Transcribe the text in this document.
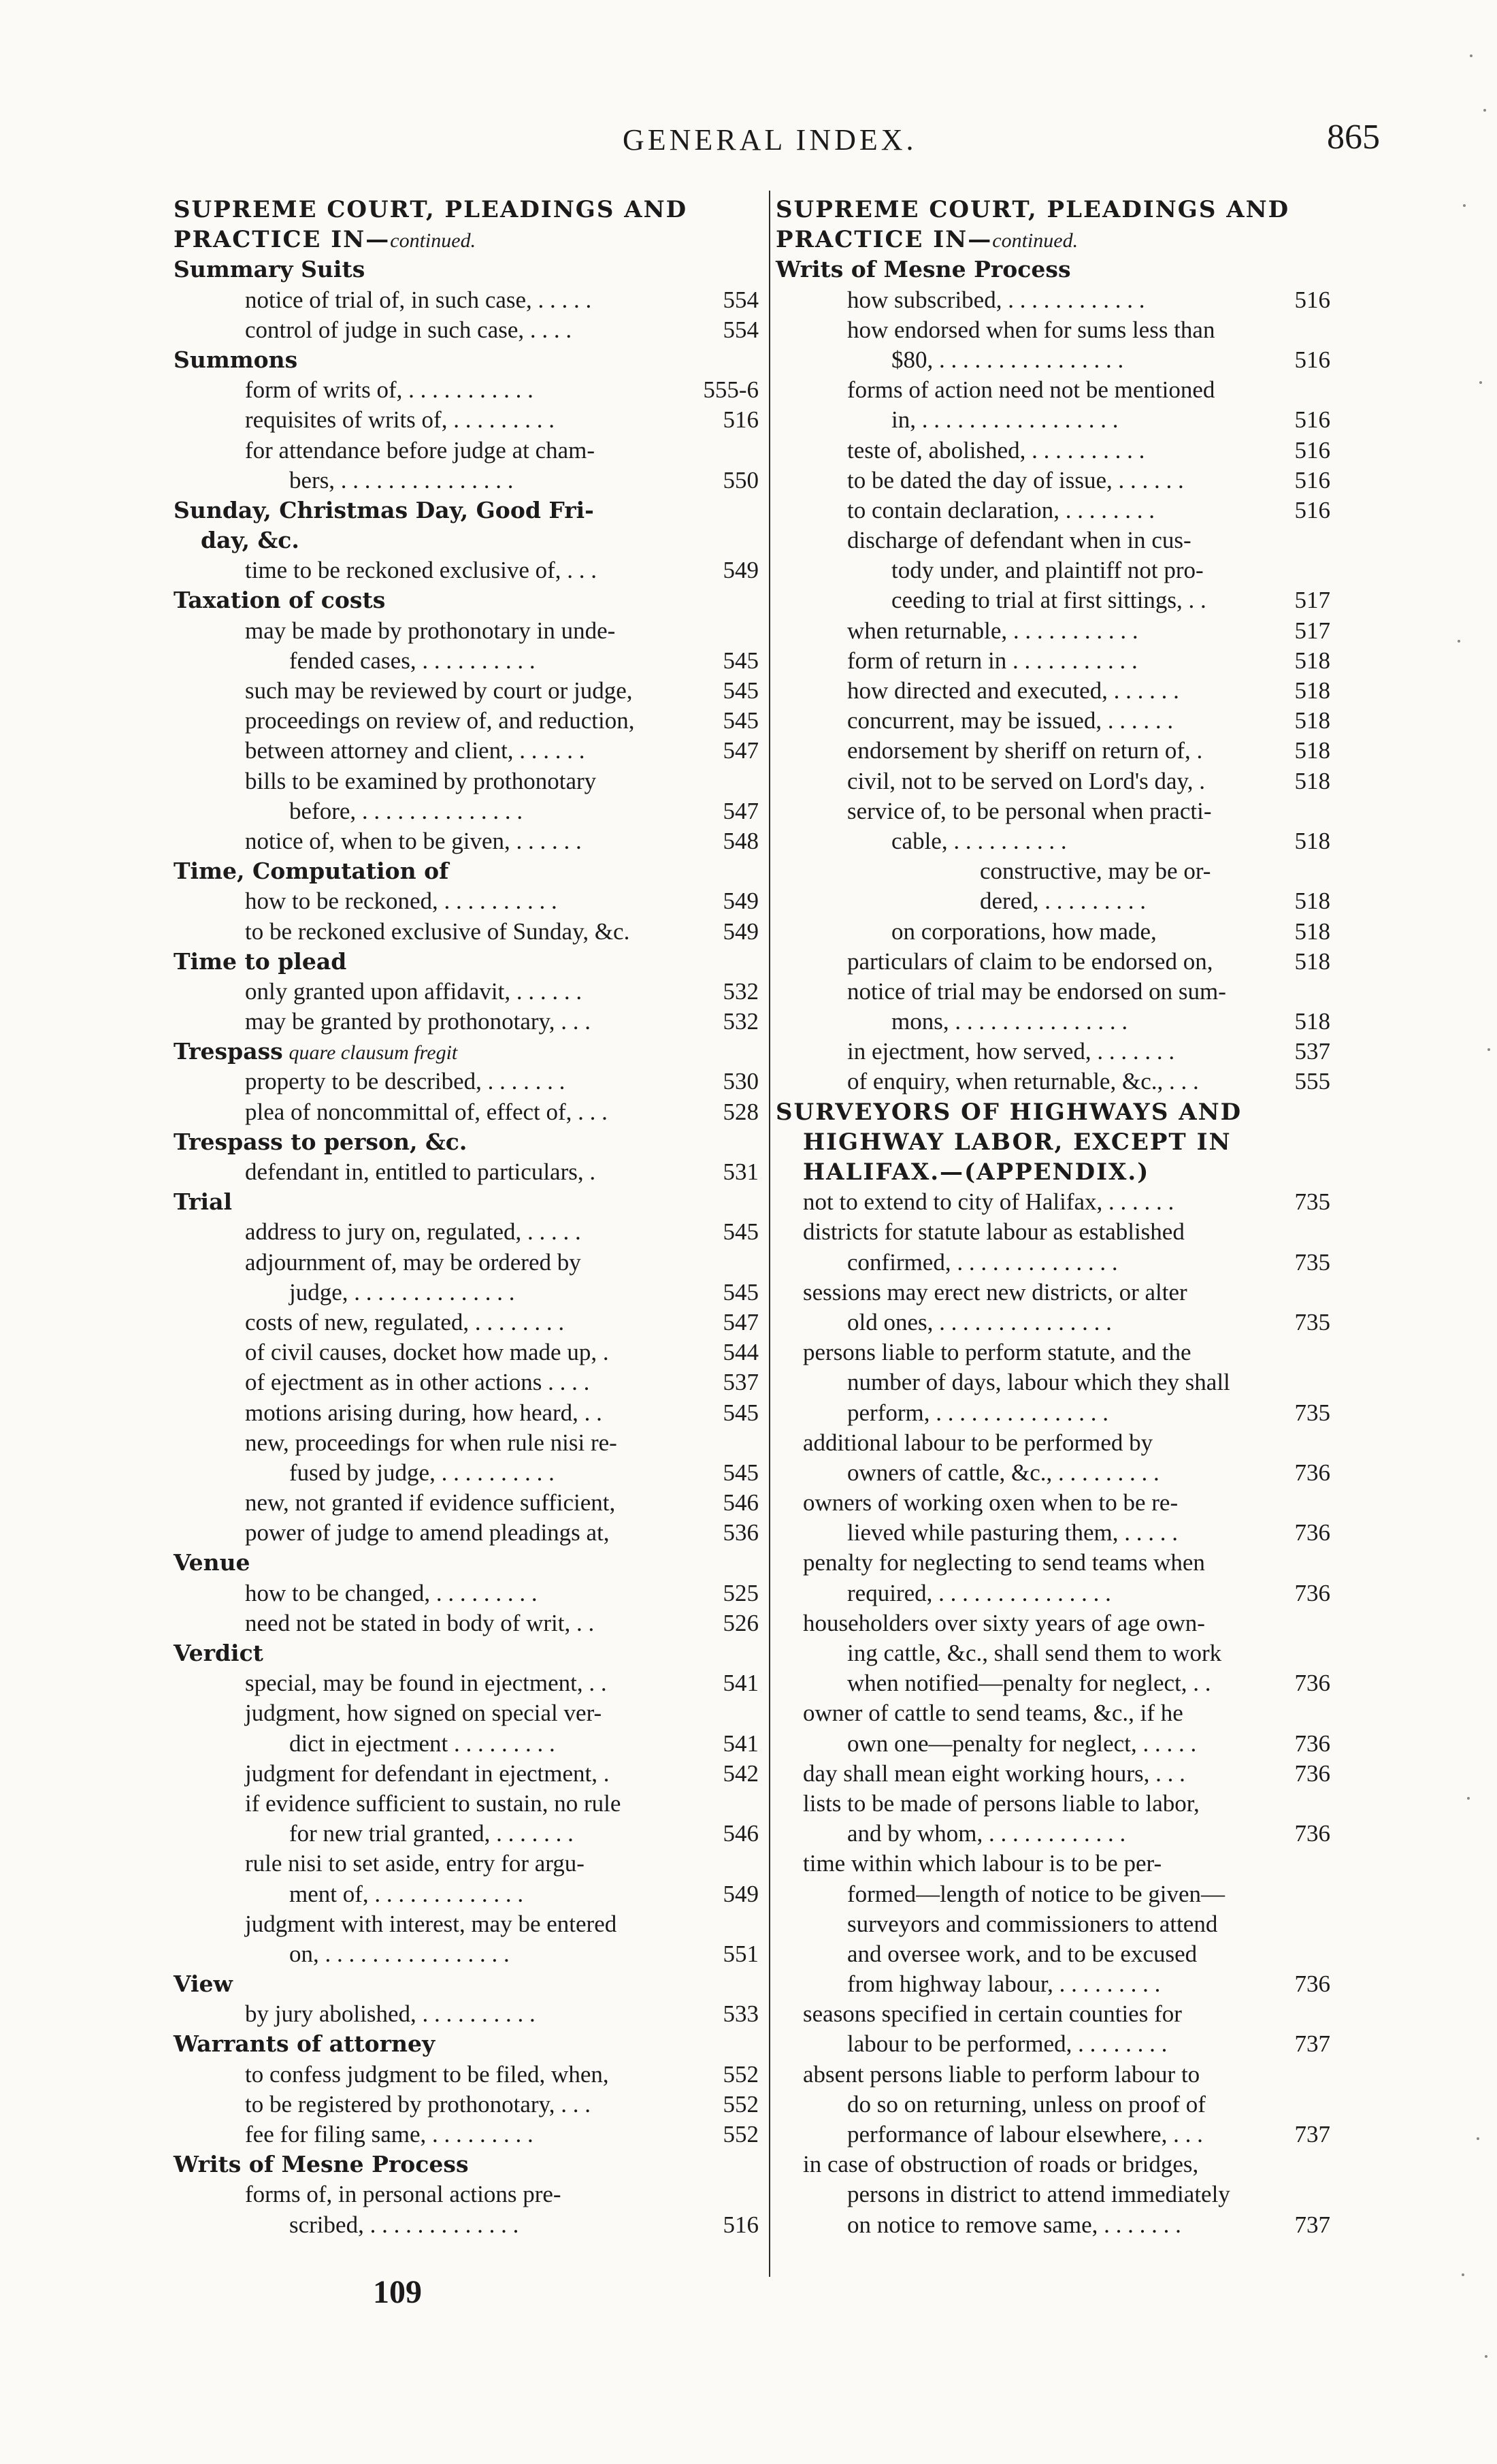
GENERAL INDEX.	865
SUPREME COURT, PLEADINGS AND
PRACTICE IN—continued.
Summary Suits
notice of trial of, in such case, . . . . .	554
control of judge in such case, . . . .	554
Summons
form of writs of, . . . . . . . . . . .	555-6
requisites of writs of, . . . . . . . . .	516
for attendance before judge at cham-
bers, . . . . . . . . . . . . . . .	550
Sunday, Christmas Day, Good Fri-
day, &c.
time to be reckoned exclusive of, . . .	549
Taxation of costs
may be made by prothonotary in unde-
fended cases, . . . . . . . . . .	545
such may be reviewed by court or judge,	545
proceedings on review of, and reduction,	545
between attorney and client, . . . . . .	547
bills to be examined by prothonotary
before, . . . . . . . . . . . . . .	547
notice of, when to be given, . . . . . .	548
Time, Computation of
how to be reckoned, . . . . . . . . . .	549
to be reckoned exclusive of Sunday, &c.	549
Time to plead
only granted upon affidavit, . . . . . .	532
may be granted by prothonotary, . . .	532
Trespass quare clausum fregit
property to be described, . . . . . . .	530
plea of noncommittal of, effect of, . . .	528
Trespass to person, &c.
defendant in, entitled to particulars, .	531
Trial
address to jury on, regulated, . . . . .	545
adjournment of, may be ordered by
judge, . . . . . . . . . . . . . .	545
costs of new, regulated, . . . . . . . .	547
of civil causes, docket how made up, .	544
of ejectment as in other actions . . . .	537
motions arising during, how heard, . .	545
new, proceedings for when rule nisi re-
fused by judge, . . . . . . . . . .	545
new, not granted if evidence sufficient,	546
power of judge to amend pleadings at,	536
Venue
how to be changed, . . . . . . . . .	525
need not be stated in body of writ, . .	526
Verdict
special, may be found in ejectment, . .	541
judgment, how signed on special ver-
dict in ejectment . . . . . . . . .	541
judgment for defendant in ejectment, .	542
if evidence sufficient to sustain, no rule
for new trial granted, . . . . . . .	546
rule nisi to set aside, entry for argu-
ment of, . . . . . . . . . . . . .	549
judgment with interest, may be entered
on, . . . . . . . . . . . . . . . .	551
View
by jury abolished, . . . . . . . . . .	533
Warrants of attorney
to confess judgment to be filed, when,	552
to be registered by prothonotary, . . .	552
fee for filing same, . . . . . . . . .	552
Writs of Mesne Process
forms of, in personal actions pre-
scribed, . . . . . . . . . . . . .	516
SUPREME COURT, PLEADINGS AND
PRACTICE IN—continued.
Writs of Mesne Process
how subscribed, . . . . . . . . . . . .	516
how endorsed when for sums less than
$80, . . . . . . . . . . . . . . . .	516
forms of action need not be mentioned
in, . . . . . . . . . . . . . . . . .	516
teste of, abolished, . . . . . . . . . .	516
to be dated the day of issue, . . . . . .	516
to contain declaration, . . . . . . . .	516
discharge of defendant when in cus-
tody under, and plaintiff not pro-
ceeding to trial at first sittings, . .	517
when returnable, . . . . . . . . . . .	517
form of return in . . . . . . . . . . .	518
how directed and executed, . . . . . .	518
concurrent, may be issued, . . . . . .	518
endorsement by sheriff on return of, .	518
civil, not to be served on Lord's day, .	518
service of, to be personal when practi-
cable, . . . . . . . . . .	518
constructive, may be or-
dered, . . . . . . . . .	518
on corporations, how made,	518
particulars of claim to be endorsed on,	518
notice of trial may be endorsed on sum-
mons, . . . . . . . . . . . . . . .	518
in ejectment, how served, . . . . . . .	537
of enquiry, when returnable, &c., . . .	555
SURVEYORS OF HIGHWAYS AND
HIGHWAY LABOR, EXCEPT IN
HALIFAX.—(APPENDIX.)
not to extend to city of Halifax, . . . . . .	735
districts for statute labour as established
confirmed, . . . . . . . . . . . . . .	735
sessions may erect new districts, or alter
old ones, . . . . . . . . . . . . . . .	735
persons liable to perform statute, and the
number of days, labour which they shall
perform, . . . . . . . . . . . . . . .	735
additional labour to be performed by
owners of cattle, &c., . . . . . . . . .	736
owners of working oxen when to be re-
lieved while pasturing them, . . . . .	736
penalty for neglecting to send teams when
required, . . . . . . . . . . . . . . .	736
householders over sixty years of age own-
ing cattle, &c., shall send them to work
when notified—penalty for neglect, . .	736
owner of cattle to send teams, &c., if he
own one—penalty for neglect, . . . . .	736
day shall mean eight working hours, . . .	736
lists to be made of persons liable to labor,
and by whom, . . . . . . . . . . . .	736
time within which labour is to be per-
formed—length of notice to be given—
surveyors and commissioners to attend
and oversee work, and to be excused
from highway labour, . . . . . . . . .	736
seasons specified in certain counties for
labour to be performed, . . . . . . . .	737
absent persons liable to perform labour to
do so on returning, unless on proof of
performance of labour elsewhere, . . .	737
in case of obstruction of roads or bridges,
persons in district to attend immediately
on notice to remove same, . . . . . . .	737
109
